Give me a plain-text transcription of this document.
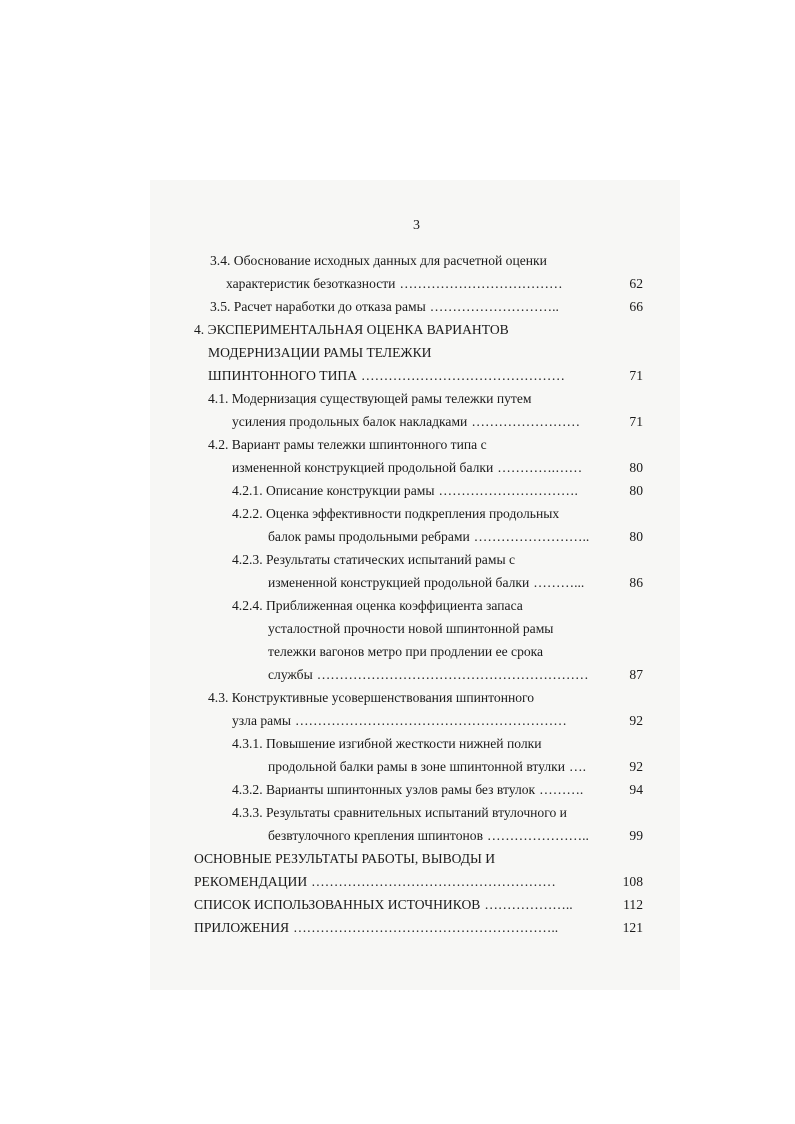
3
3.4. Обоснование исходных данных для расчетной оценки
характеристик безотказности ………………………………	62
3.5. Расчет наработки до отказа рамы ………………………..	66
4. ЭКСПЕРИМЕНТАЛЬНАЯ ОЦЕНКА ВАРИАНТОВ
МОДЕРНИЗАЦИИ РАМЫ ТЕЛЕЖКИ
ШПИНТОННОГО ТИПА ………………………………………	71
4.1. Модернизация существующей рамы тележки путем
усиления продольных балок накладками ……………………	71
4.2. Вариант рамы тележки шпинтонного типа с
измененной конструкцией продольной балки ………….……	80
4.2.1. Описание конструкции рамы ………………………….	80
4.2.2. Оценка эффективности подкрепления продольных
балок рамы продольными ребрами ……………………..	80
4.2.3. Результаты статических испытаний рамы с
измененной конструкцией продольной балки ………...	86
4.2.4. Приближенная оценка коэффициента запаса
усталостной прочности новой шпинтонной рамы
тележки вагонов метро при продлении ее срока
службы ……………………………………………………	87
4.3. Конструктивные усовершенствования шпинтонного
узла рамы ……………………………………………………	92
4.3.1. Повышение изгибной жесткости нижней полки
продольной балки рамы в зоне шпинтонной втулки ….	92
4.3.2. Варианты шпинтонных узлов рамы без втулок ……….	94
4.3.3. Результаты сравнительных испытаний втулочного и
безвтулочного крепления шпинтонов …………………..	99
ОСНОВНЫЕ РЕЗУЛЬТАТЫ РАБОТЫ, ВЫВОДЫ И
РЕКОМЕНДАЦИИ ………………………………………………	108
СПИСОК ИСПОЛЬЗОВАННЫХ ИСТОЧНИКОВ ………………..	112
ПРИЛОЖЕНИЯ …………………………………………………..	121
